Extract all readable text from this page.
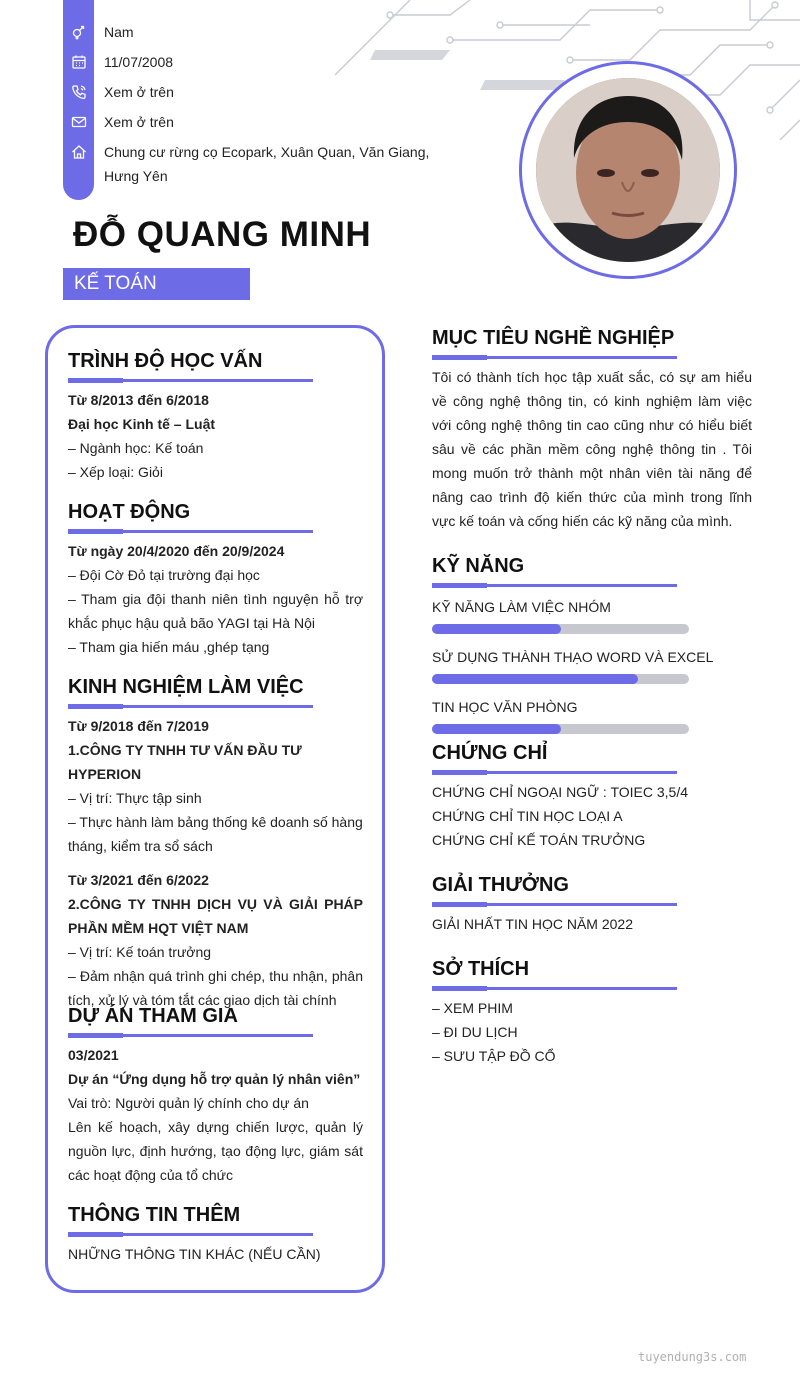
Nam
11/07/2008
Xem ở trên
Xem ở trên
Chung cư rừng cọ Ecopark, Xuân Quan, Văn Giang, Hưng Yên
ĐỖ QUANG MINH
KẾ TOÁN
TRÌNH ĐỘ HỌC VẤN
Từ 8/2013 đến 6/2018
Đại học Kinh tế – Luật
– Ngành học: Kế toán
– Xếp loại: Giỏi
HOẠT ĐỘNG
Từ ngày 20/4/2020 đến 20/9/2024
– Đội Cờ Đỏ tại trường đại học
– Tham gia đội thanh niên tình nguyện hỗ trợ khắc phục hậu quả bão YAGI tại Hà Nội
– Tham gia hiến máu ,ghép tạng
KINH NGHIỆM LÀM VIỆC
Từ 9/2018 đến 7/2019
1.CÔNG TY TNHH TƯ VẤN ĐẦU TƯ HYPERION
– Vị trí: Thực tập sinh
– Thực hành làm bảng thống kê doanh số hàng tháng, kiểm tra sổ sách
Từ 3/2021 đến 6/2022
2.CÔNG TY TNHH DỊCH VỤ VÀ GIẢI PHÁP PHẦN MỀM HQT VIỆT NAM
– Vị trí: Kế toán trưởng
– Đảm nhận quá trình ghi chép, thu nhận, phân tích, xử lý và tóm tắt các giao dịch tài chính
DỰ ÁN THAM GIA
03/2021
Dự án “Ứng dụng hỗ trợ quản lý nhân viên”
Vai trò: Người quản lý chính cho dự án
Lên kế hoạch, xây dựng chiến lược, quản lý nguồn lực, định hướng, tạo động lực, giám sát các hoạt động của tổ chức
THÔNG TIN THÊM
NHỮNG THÔNG TIN KHÁC (NẾU CẦN)
MỤC TIÊU NGHỀ NGHIỆP
Tôi có thành tích học tập xuất sắc, có sự am hiểu về công nghệ thông tin, có kinh nghiệm làm việc với công nghệ thông tin cao cũng như có hiểu biết sâu về các phần mềm công nghệ thông tin . Tôi mong muốn trở thành một nhân viên tài năng để nâng cao trình độ kiến thức của mình trong lĩnh vực kế toán và cống hiến các kỹ năng của mình.
KỸ NĂNG
KỸ NĂNG LÀM VIỆC NHÓM
SỬ DỤNG THÀNH THẠO WORD VÀ EXCEL
TIN HỌC VĂN PHÒNG
CHỨNG CHỈ
CHỨNG CHỈ NGOẠI NGỮ : TOIEC 3,5/4
CHỨNG CHỈ TIN HỌC LOẠI A
CHỨNG CHỈ KẾ TOÁN TRƯỞNG
GIẢI THƯỞNG
GIẢI NHẤT TIN HỌC NĂM 2022
SỞ THÍCH
– XEM PHIM
– ĐI DU LỊCH
– SƯU TẬP ĐỒ CỔ
tuyendung3s.com
